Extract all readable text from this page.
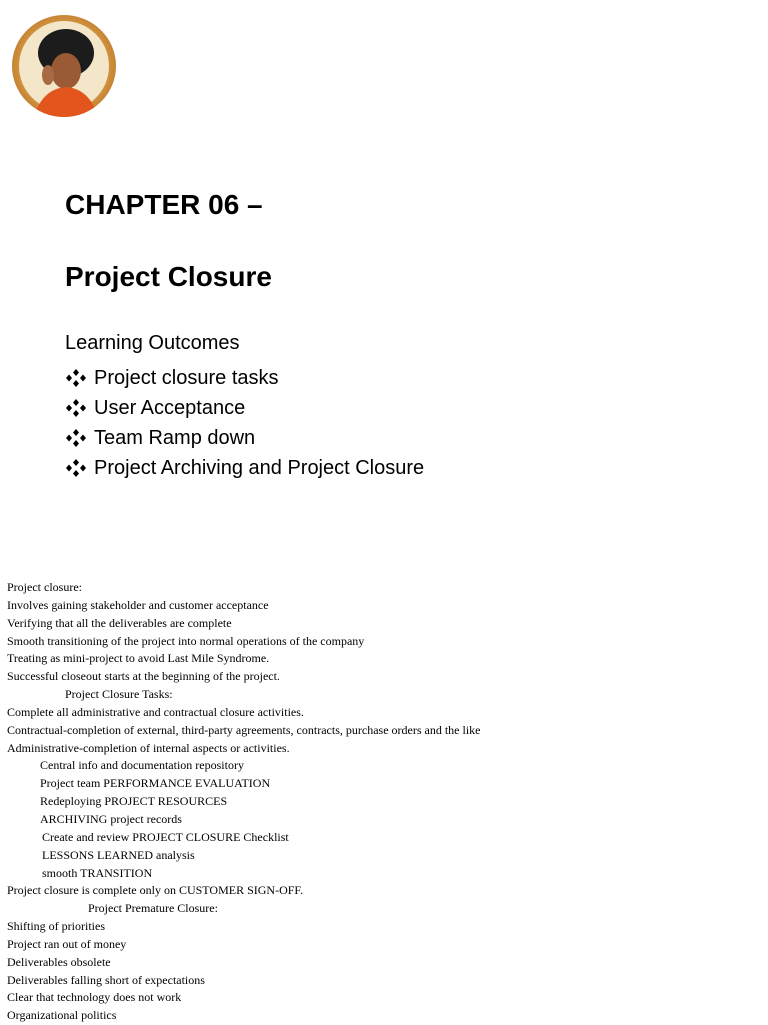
CHAPTER 06 –
Project Closure
Learning Outcomes
Project closure tasks
User Acceptance
Team Ramp down
Project Archiving and Project Closure
Project closure:
Involves gaining stakeholder and customer acceptance
Verifying that all the deliverables are complete
Smooth transitioning of the project into normal operations of the company
Treating as mini-project to avoid Last Mile Syndrome.
Successful closeout starts at the beginning of the project.
Project Closure Tasks:
Complete all administrative and contractual closure activities.
Contractual-completion of external, third-party agreements, contracts, purchase orders and the like
Administrative-completion of internal aspects or activities.
Central info and documentation repository
Project team PERFORMANCE EVALUATION
Redeploying PROJECT RESOURCES
ARCHIVING project records
Create and review PROJECT CLOSURE Checklist
LESSONS LEARNED analysis
smooth TRANSITION
Project closure is complete only on CUSTOMER SIGN-OFF.
Project Premature Closure:
Shifting of priorities
Project ran out of money
Deliverables obsolete
Deliverables falling short of expectations
Clear that technology does not work
Organizational politics
